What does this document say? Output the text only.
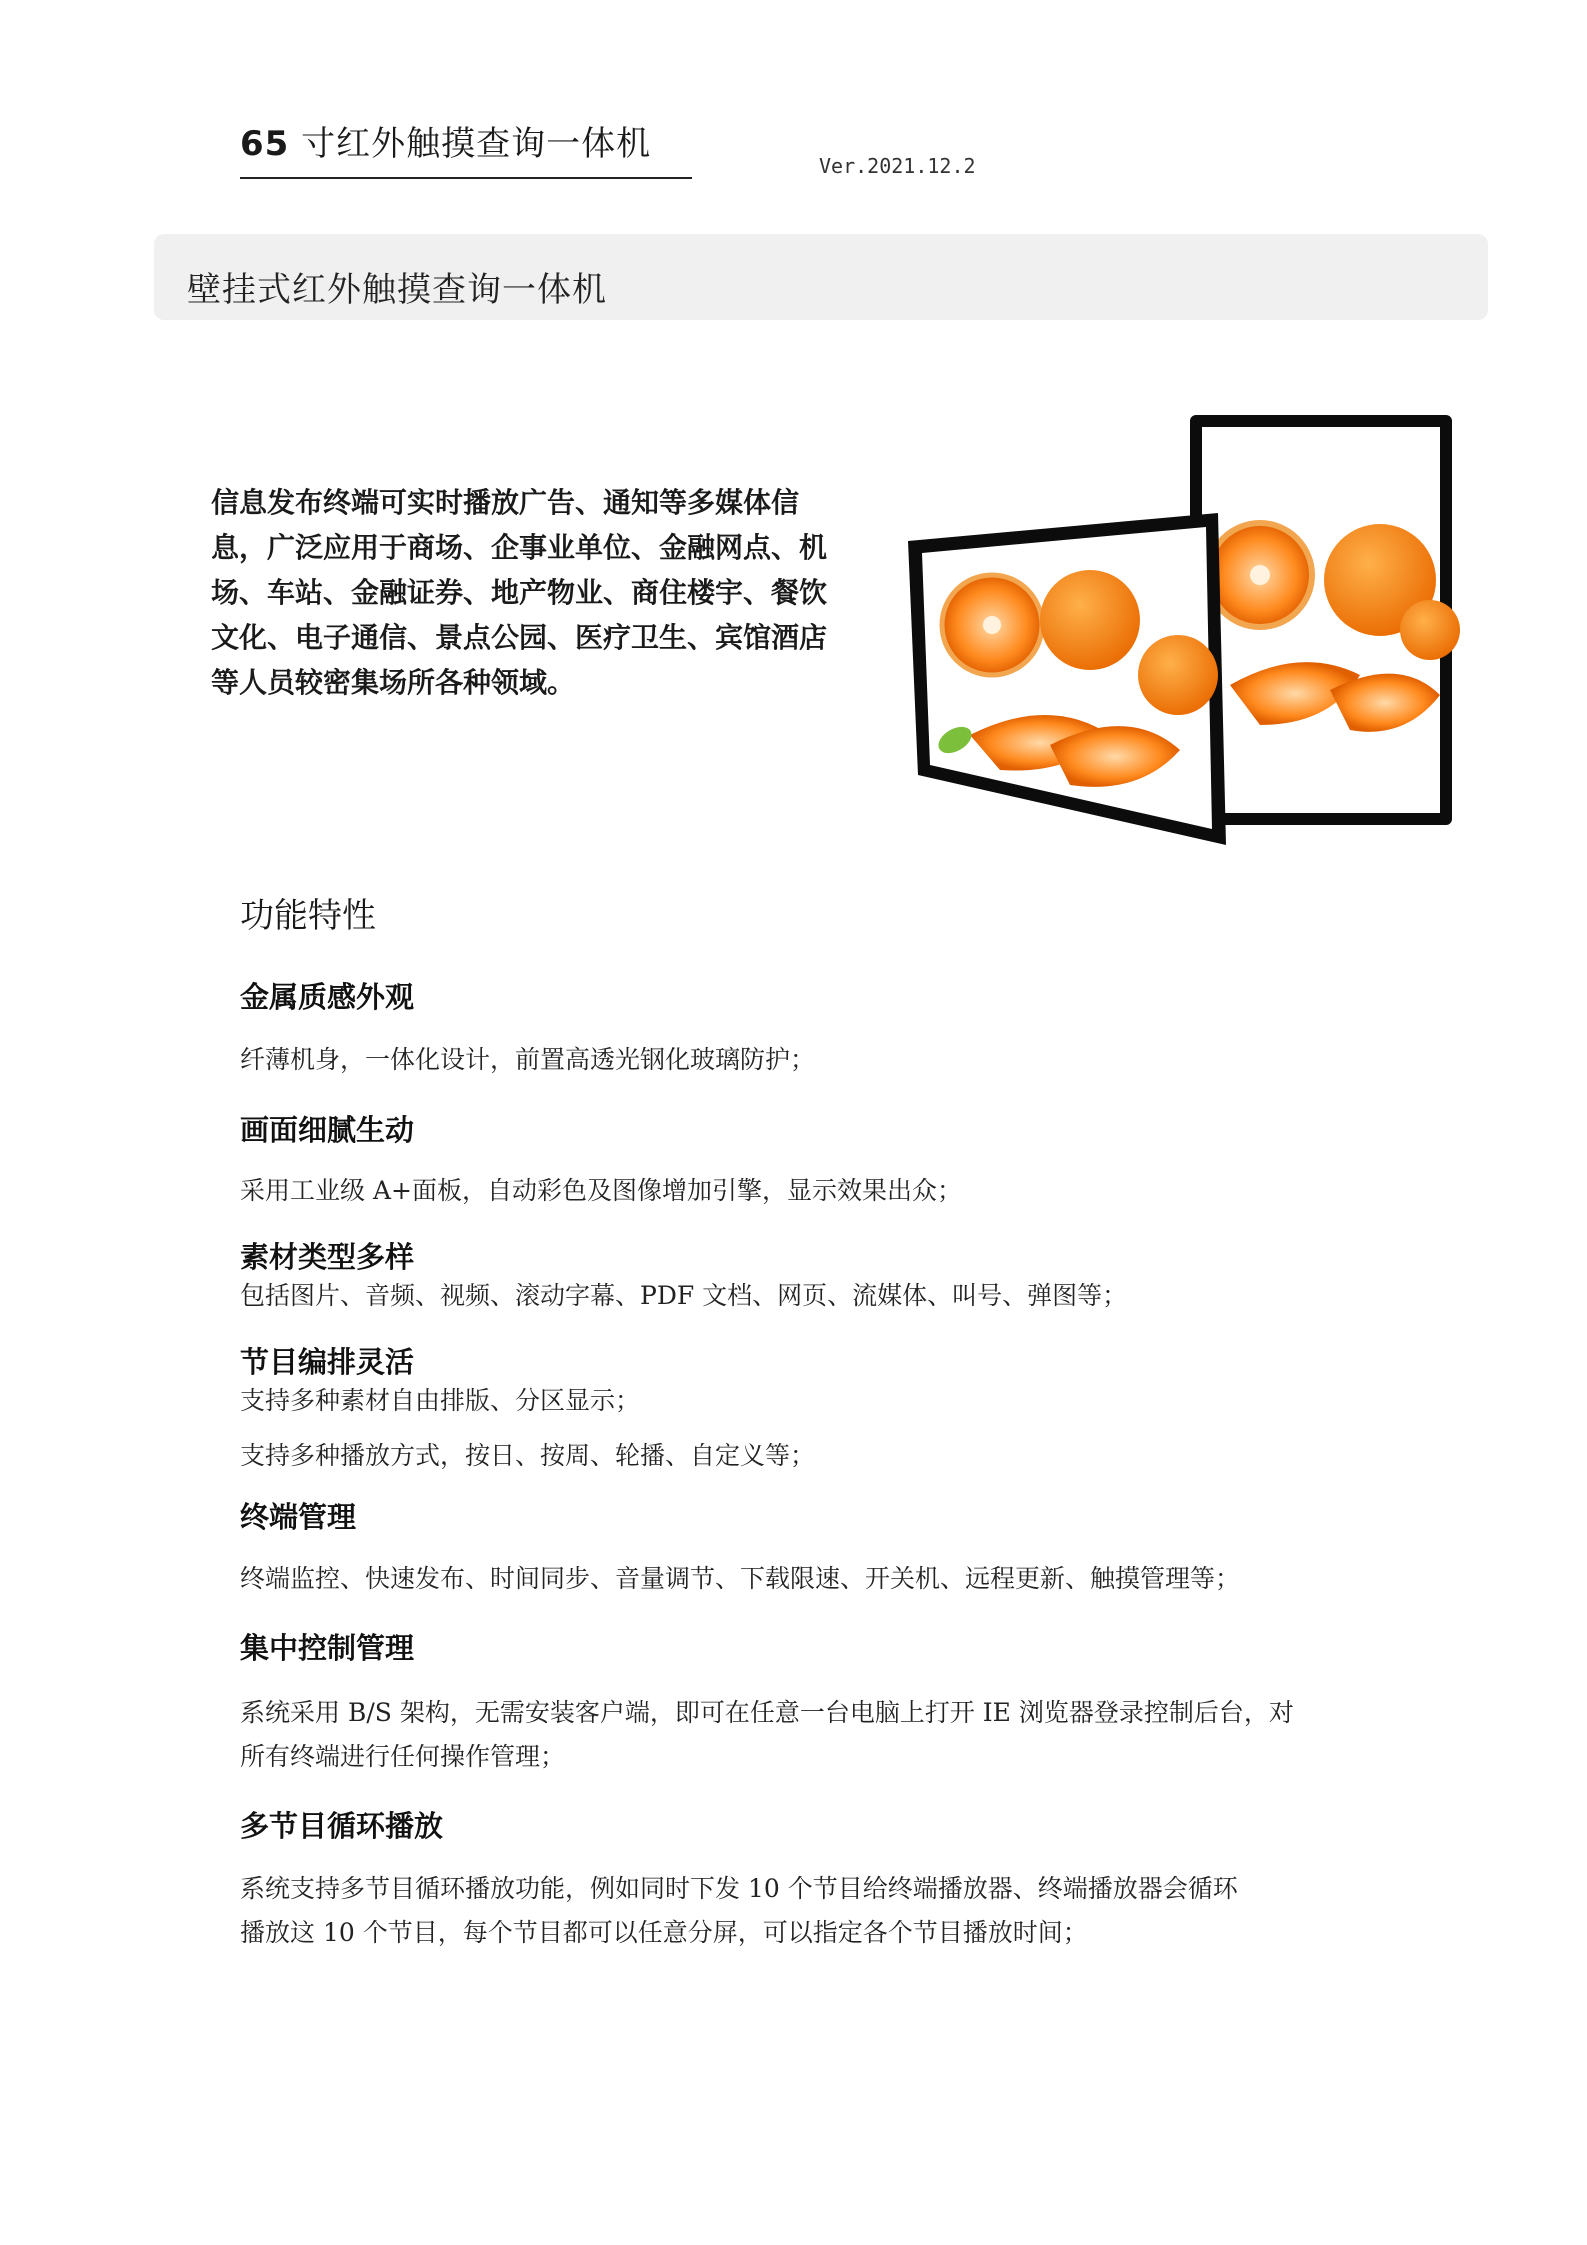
65 寸红外触摸查询一体机
Ver.2021.12.2
壁挂式红外触摸查询一体机
信息发布终端可实时播放广告、通知等多媒体信
息，广泛应用于商场、企事业单位、金融网点、机
场、车站、金融证券、地产物业、商住楼宇、餐饮
文化、电子通信、景点公园、医疗卫生、宾馆酒店
等人员较密集场所各种领域。
功能特性
金属质感外观
纤薄机身，一体化设计，前置高透光钢化玻璃防护；
画面细腻生动
采用工业级 A+面板，自动彩色及图像增加引擎，显示效果出众；
素材类型多样
包括图片、音频、视频、滚动字幕、PDF 文档、网页、流媒体、叫号、弹图等；
节目编排灵活
支持多种素材自由排版、分区显示；
支持多种播放方式，按日、按周、轮播、自定义等；
终端管理
终端监控、快速发布、时间同步、音量调节、下载限速、开关机、远程更新、触摸管理等；
集中控制管理
系统采用 B/S 架构，无需安装客户端，即可在任意一台电脑上打开 IE 浏览器登录控制后台，对
所有终端进行任何操作管理；
多节目循环播放
系统支持多节目循环播放功能，例如同时下发 10 个节目给终端播放器、终端播放器会循环
播放这 10 个节目，每个节目都可以任意分屏，可以指定各个节目播放时间；
